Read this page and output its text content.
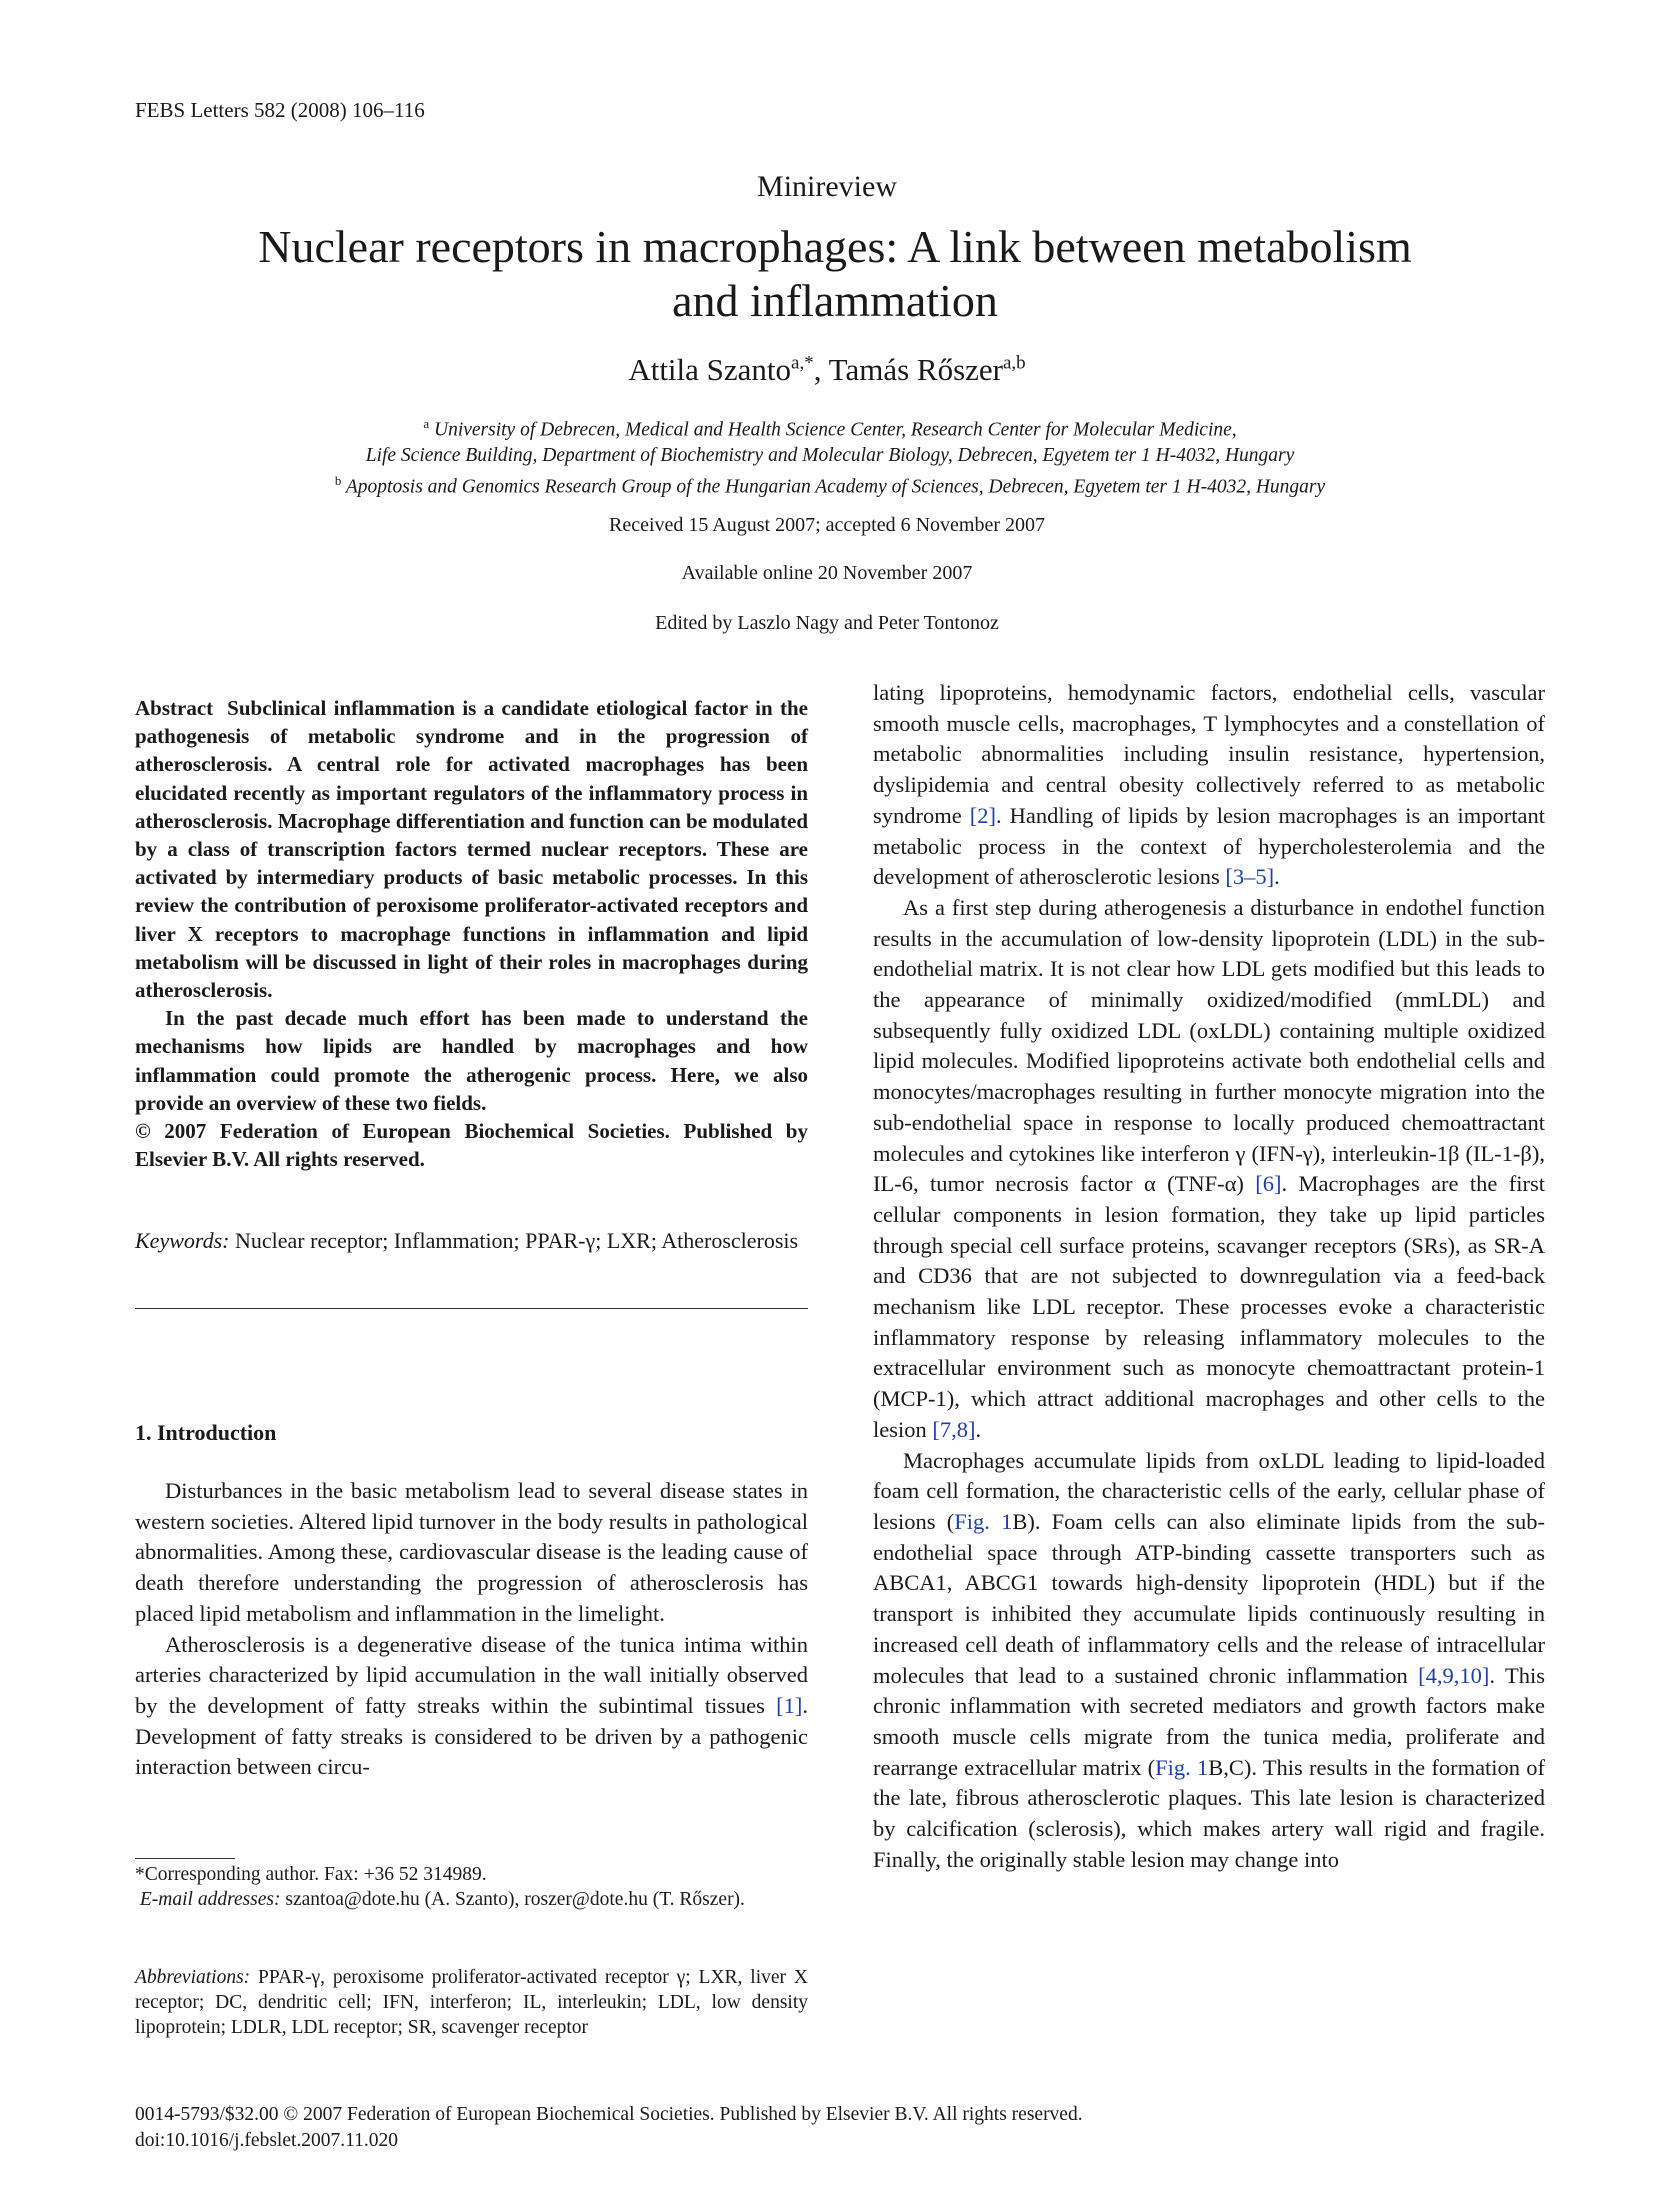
FEBS Letters 582 (2008) 106–116
Minireview
Nuclear receptors in macrophages: A link between metabolism
and inflammation
Attila Szanto$^{a,*}$, Tamás Rőszer$^{a,b}$
$^a$ University of Debrecen, Medical and Health Science Center, Research Center for Molecular Medicine,
Life Science Building, Department of Biochemistry and Molecular Biology, Debrecen, Egyetem ter 1 H-4032, Hungary
$^b$ Apoptosis and Genomics Research Group of the Hungarian Academy of Sciences, Debrecen, Egyetem ter 1 H-4032, Hungary
Received 15 August 2007; accepted 6 November 2007
Available online 20 November 2007
Edited by Laszlo Nagy and Peter Tontonoz

Abstract Subclinical inflammation is a candidate etiological factor in the pathogenesis of metabolic syndrome and in the progression of atherosclerosis. A central role for activated macrophages has been elucidated recently as important regulators of the inflammatory process in atherosclerosis. Macrophage differentiation and function can be modulated by a class of transcription factors termed nuclear receptors. These are activated by intermediary products of basic metabolic processes. In this review the contribution of peroxisome proliferator-activated receptors and liver X receptors to macrophage functions in inflammation and lipid metabolism will be discussed in light of their roles in macrophages during atherosclerosis.

In the past decade much effort has been made to understand the mechanisms how lipids are handled by macrophages and how inflammation could promote the atherogenic process. Here, we also provide an overview of these two fields.

© 2007 Federation of European Biochemical Societies. Published by Elsevier B.V. All rights reserved.

Keywords: Nuclear receptor; Inflammation; PPAR-γ; LXR; Atherosclerosis
1. Introduction

Disturbances in the basic metabolism lead to several disease states in western societies. Altered lipid turnover in the body results in pathological abnormalities. Among these, cardiovascular disease is the leading cause of death therefore understanding the progression of atherosclerosis has placed lipid metabolism and inflammation in the limelight.

Atherosclerosis is a degenerative disease of the tunica intima within arteries characterized by lipid accumulation in the wall initially observed by the development of fatty streaks within the subintimal tissues [1]. Development of fatty streaks is considered to be driven by a pathogenic interaction between circu-

*Corresponding author. Fax: +36 52 314989.
E-mail addresses: szantoa@dote.hu (A. Szanto), roszer@dote.hu (T. Rőszer).
Abbreviations: PPAR-γ, peroxisome proliferator-activated receptor γ; LXR, liver X receptor; DC, dendritic cell; IFN, interferon; IL, interleukin; LDL, low density lipoprotein; LDLR, LDL receptor; SR, scavenger receptor

lating lipoproteins, hemodynamic factors, endothelial cells, vascular smooth muscle cells, macrophages, T lymphocytes and a constellation of metabolic abnormalities including insulin resistance, hypertension, dyslipidemia and central obesity collectively referred to as metabolic syndrome [2]. Handling of lipids by lesion macrophages is an important metabolic process in the context of hypercholesterolemia and the development of atherosclerotic lesions [3–5].

As a first step during atherogenesis a disturbance in endothel function results in the accumulation of low-density lipoprotein (LDL) in the sub-endothelial matrix. It is not clear how LDL gets modified but this leads to the appearance of minimally oxidized/modified (mmLDL) and subsequently fully oxidized LDL (oxLDL) containing multiple oxidized lipid molecules. Modified lipoproteins activate both endothelial cells and monocytes/macrophages resulting in further monocyte migration into the sub-endothelial space in response to locally produced chemoattractant molecules and cytokines like interferon γ (IFN-γ), interleukin-1β (IL-1-β), IL-6, tumor necrosis factor α (TNF-α) [6]. Macrophages are the first cellular components in lesion formation, they take up lipid particles through special cell surface proteins, scavanger receptors (SRs), as SR-A and CD36 that are not subjected to downregulation via a feed-back mechanism like LDL receptor. These processes evoke a characteristic inflammatory response by releasing inflammatory molecules to the extracellular environment such as monocyte chemoattractant protein-1 (MCP-1), which attract additional macrophages and other cells to the lesion [7,8].

Macrophages accumulate lipids from oxLDL leading to lipid-loaded foam cell formation, the characteristic cells of the early, cellular phase of lesions (Fig. 1B). Foam cells can also eliminate lipids from the sub-endothelial space through ATP-binding cassette transporters such as ABCA1, ABCG1 towards high-density lipoprotein (HDL) but if the transport is inhibited they accumulate lipids continuously resulting in increased cell death of inflammatory cells and the release of intracellular molecules that lead to a sustained chronic inflammation [4,9,10]. This chronic inflammation with secreted mediators and growth factors make smooth muscle cells migrate from the tunica media, proliferate and rearrange extracellular matrix (Fig. 1B,C). This results in the formation of the late, fibrous atherosclerotic plaques. This late lesion is characterized by calcification (sclerosis), which makes artery wall rigid and fragile. Finally, the originally stable lesion may change into

0014-5793/$32.00 © 2007 Federation of European Biochemical Societies. Published by Elsevier B.V. All rights reserved.
doi:10.1016/j.febslet.2007.11.020
